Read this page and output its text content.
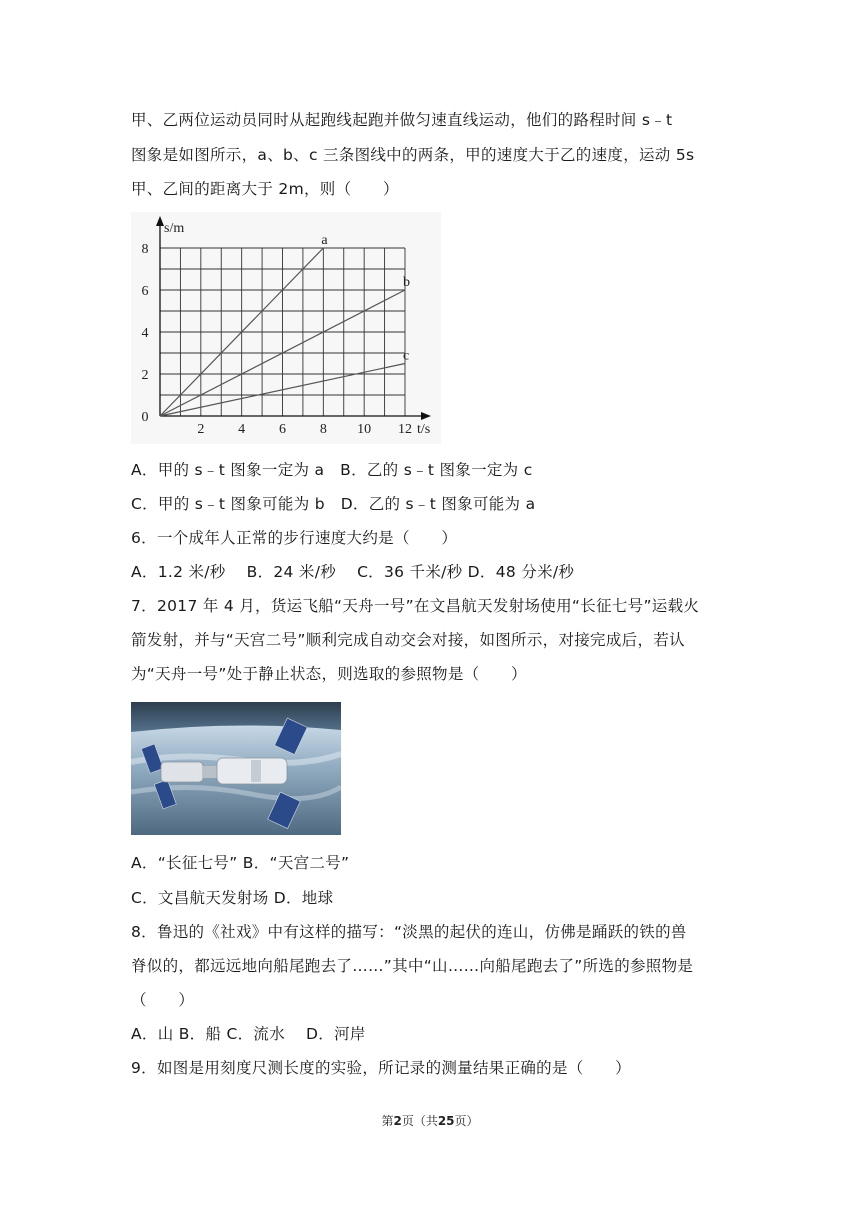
甲、乙两位运动员同时从起跑线起跑并做匀速直线运动，他们的路程时间 s﹣t
图象是如图所示，a、b、c 三条图线中的两条，甲的速度大于乙的速度，运动 5s
甲、乙间的距离大于 2m，则（　　）
s/m
t/s
0
2
4
6
8
2 4 6 8 10 12
a
b
c
A．甲的 s﹣t 图象一定为 a　B．乙的 s﹣t 图象一定为 c
C．甲的 s﹣t 图象可能为 b　D．乙的 s﹣t 图象可能为 a
6．一个成年人正常的步行速度大约是（　　）
A．1.2 米/秒　 B．24 米/秒　 C．36 千米/秒 D．48 分米/秒
7．2017 年 4 月，货运飞船“天舟一号”在文昌航天发射场使用“长征七号”运载火
箭发射，并与“天宫二号”顺利完成自动交会对接，如图所示，对接完成后，若认
为“天舟一号”处于静止状态，则选取的参照物是（　　）
A．“长征七号” B．“天宫二号”
C．文昌航天发射场 D．地球
8．鲁迅的《社戏》中有这样的描写：“淡黑的起伏的连山，仿佛是踊跃的铁的兽
脊似的，都远远地向船尾跑去了……”其中“山……向船尾跑去了”所选的参照物是
（　　）
A．山 B．船 C．流水　 D．河岸
9．如图是用刻度尺测长度的实验，所记录的测量结果正确的是（　　）
第2页（共25页）
